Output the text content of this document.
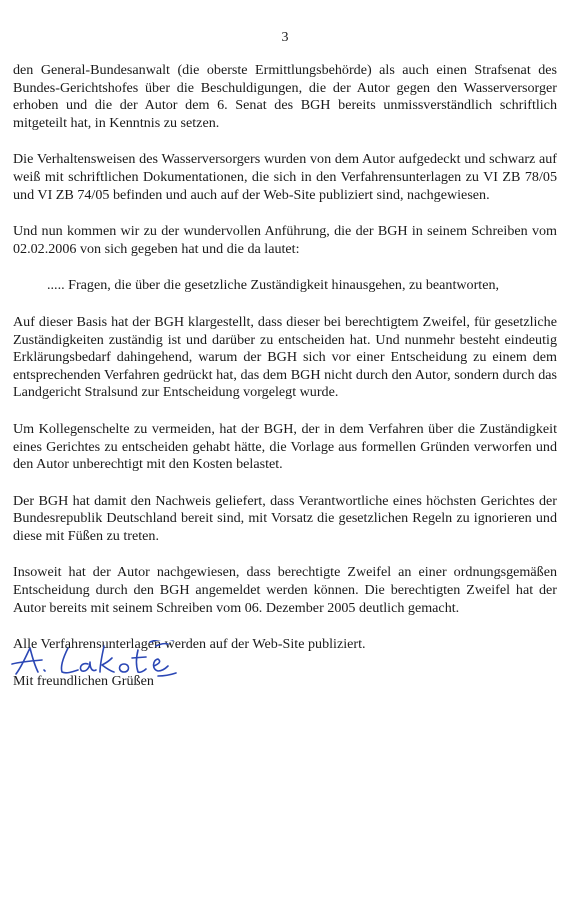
3

den General-Bundesanwalt (die oberste Ermittlungsbehörde) als auch einen Strafsenat des Bundes-Gerichtshofes über die Beschuldigungen, die der Autor gegen den Wasserversorger erhoben und die der Autor dem 6. Senat des BGH bereits unmissverständlich schriftlich mitgeteilt hat, in Kenntnis zu setzen.

Die Verhaltensweisen des Wasserversorgers wurden von dem Autor aufgedeckt und schwarz auf weiß mit schriftlichen Dokumentationen, die sich in den Verfahrensunterlagen zu VI ZB 78/05 und VI ZB 74/05 befinden und auch auf der Web-Site publiziert sind, nachgewiesen.

Und nun kommen wir zu der wundervollen Anführung, die der BGH in seinem Schreiben vom 02.02.2006 von sich gegeben hat und die da lautet:

..... Fragen, die über die gesetzliche Zuständigkeit hinausgehen, zu beantworten,

Auf dieser Basis hat der BGH klargestellt, dass dieser bei berechtigtem Zweifel, für gesetzliche Zuständigkeiten zuständig ist und darüber zu entscheiden hat. Und nunmehr besteht eindeutig Erklärungsbedarf dahingehend, warum der BGH sich vor einer Entscheidung zu einem dem entsprechenden Verfahren gedrückt hat, das dem BGH nicht durch den Autor, sondern durch das Landgericht Stralsund zur Entscheidung vorgelegt wurde.

Um Kollegenschelte zu vermeiden, hat der BGH, der in dem Verfahren über die Zuständigkeit eines Gerichtes zu entscheiden gehabt hätte, die Vorlage aus formellen Gründen verworfen und den Autor unberechtigt mit den Kosten belastet.

Der BGH hat damit den Nachweis geliefert, dass Verantwortliche eines höchsten Gerichtes der Bundesrepublik Deutschland bereit sind, mit Vorsatz die gesetzlichen Regeln zu ignorieren und diese mit Füßen zu treten.

Insoweit hat der Autor nachgewiesen, dass berechtigte Zweifel an einer ordnungsgemäßen Entscheidung durch den BGH angemeldet werden können. Die berechtigten Zweifel hat der Autor bereits mit seinem Schreiben vom 06. Dezember 2005 deutlich gemacht.

Alle Verfahrensunterlagen werden auf der Web-Site publiziert.

Mit freundlichen Grüßen
